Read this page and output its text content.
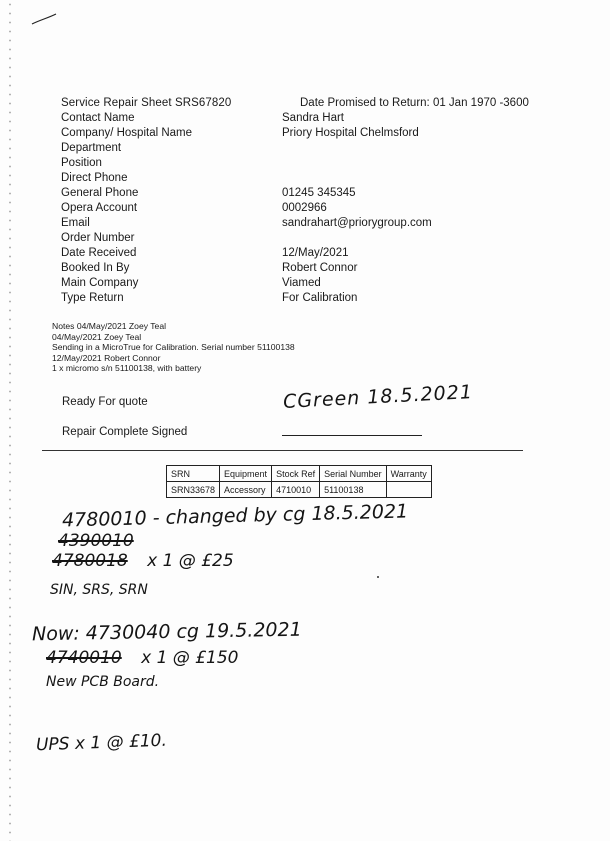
Service Repair Sheet SRS67820	Date Promised to Return: 01 Jan 1970 -3600
Contact Name	Sandra Hart
Company/ Hospital Name	Priory Hospital Chelmsford
Department
Position
Direct Phone
General Phone	01245 345345
Opera Account	0002966
Email	sandrahart@priorygroup.com
Order Number
Date Received	12/May/2021
Booked In By	Robert Connor
Main Company	Viamed
Type Return	For Calibration
Notes 04/May/2021 Zoey Teal
04/May/2021 Zoey Teal
Sending in a MicroTrue for Calibration. Serial number 51100138
12/May/2021 Robert Connor
1 x micromo s/n 51100138, with battery
Ready For quote	CGreen 18.5.2021
Repair Complete Signed
SRN	Equipment	Stock Ref	Serial Number	Warranty
SRN33678	Accessory	4710010	51100138	
4780010 - changed by cg 18.5.2021
4390010
4780018 x 1 @ £25
SIN, SRS, SRN
Now: 4730040 cg 19.5.2021
4740010 x 1 @ £150
New PCB Board.
UPS x 1 @ £10.
